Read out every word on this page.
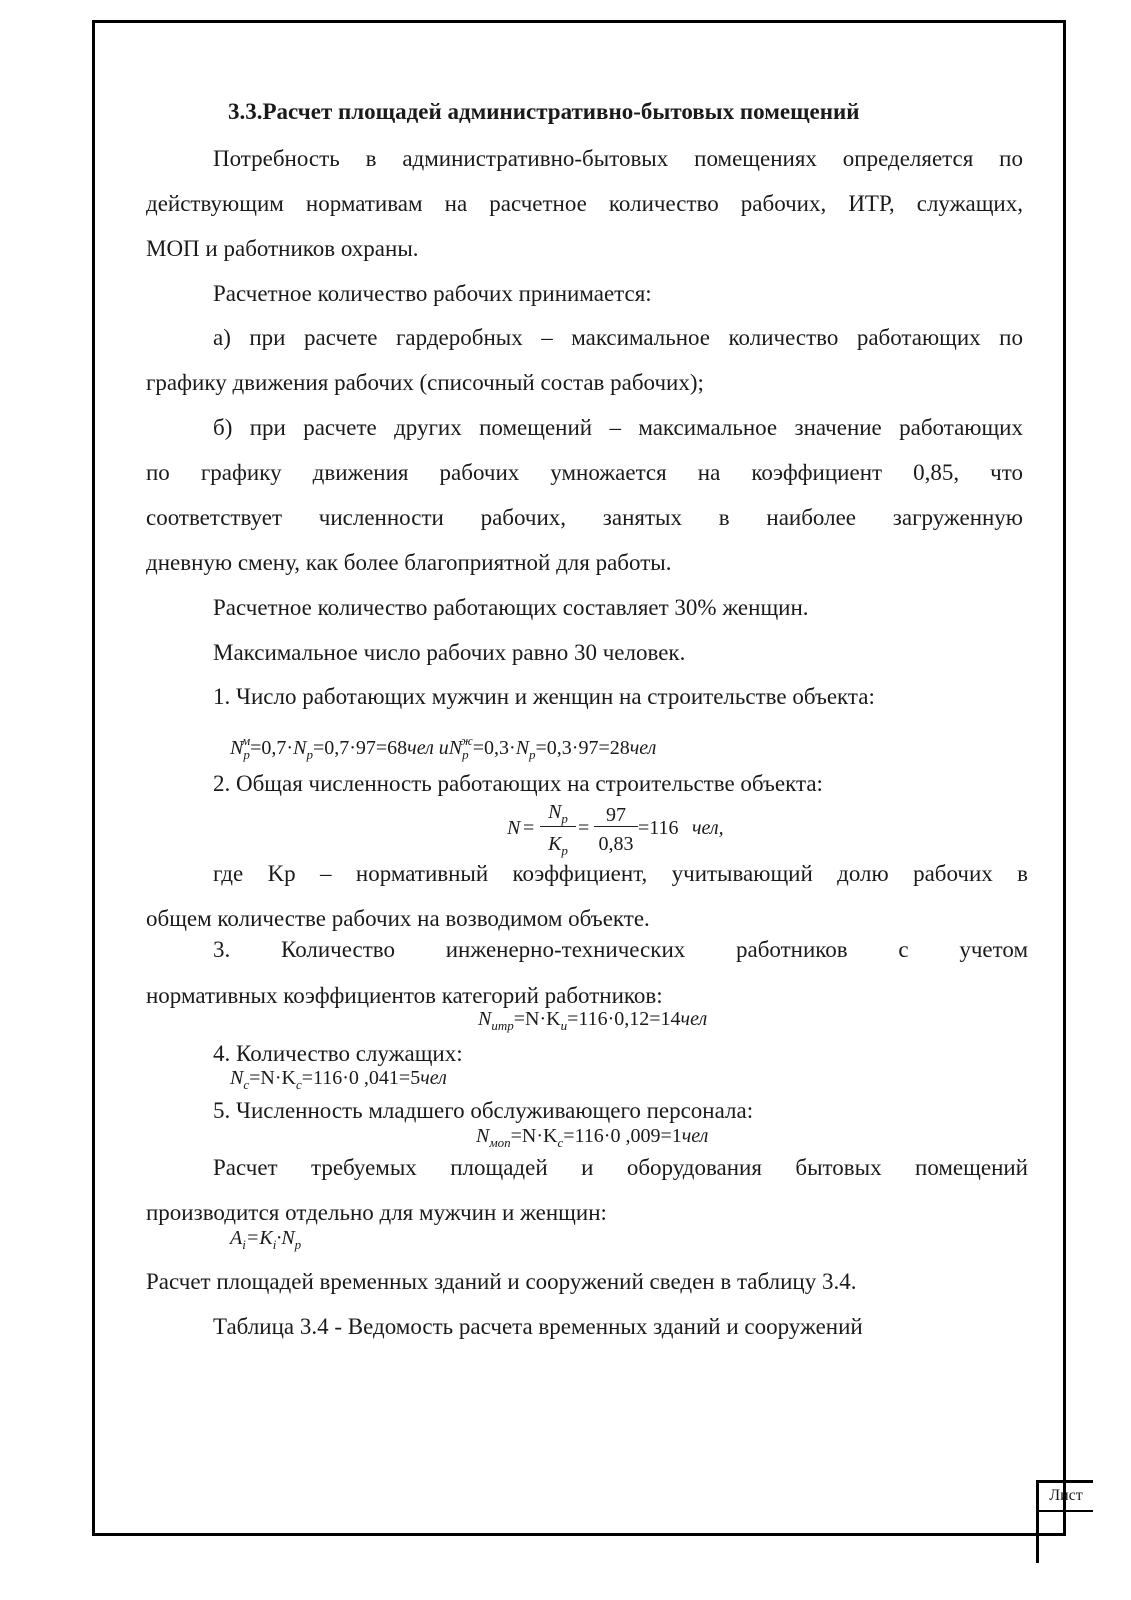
3.3.Расчет площадей административно-бытовых помещений
Потребность в административно-бытовых помещениях определяется по
действующим нормативам на расчетное количество рабочих, ИТР, служащих,
МОП и работников охраны.
Расчетное количество рабочих принимается:
а) при расчете гардеробных – максимальное количество работающих по
графику движения рабочих (списочный состав рабочих);
б) при расчете других помещений – максимальное значение работающих
по графику движения рабочих умножается на коэффициент 0,85, что
соответствует численности рабочих, занятых в наиболее загруженную
дневную смену, как более благоприятной для работы.
Расчетное количество работающих составляет 30% женщин.
Максимальное число рабочих равно 30 человек.
1. Число работающих мужчин и женщин на строительстве объекта:
$N_p^м=0,7\cdot N_p=0,7\cdot 97=68чел$ $иN_p^ж=0,3\cdot N_p=0,3\cdot 97=28чел$
2. Общая численность работающих на строительстве объекта:
N =
$N_p$
$K_p$
=
97
0,83
=116 чел,
где Kр – нормативный коэффициент, учитывающий долю рабочих в
общем количестве рабочих на возводимом объекте.
3. Количество инженерно-технических работников с учетом
нормативных коэффициентов категорий работников:
$N_{итр}=N\cdot K_и=116\cdot 0,12=14чел$
4. Количество служащих:
$N_c=N\cdot K_c=116\cdot 0$ ,041=5чел
5. Численность младшего обслуживающего персонала:
$N_{моп}=N\cdot K_c=116\cdot 0$ ,009=1чел
Расчет требуемых площадей и оборудования бытовых помещений
производится отдельно для мужчин и женщин:
$A_i=K_i\cdot N_p$
Расчет площадей временных зданий и сооружений сведен в таблицу 3.4.
Таблица 3.4 - Ведомость расчета временных зданий и сооружений
Лист
